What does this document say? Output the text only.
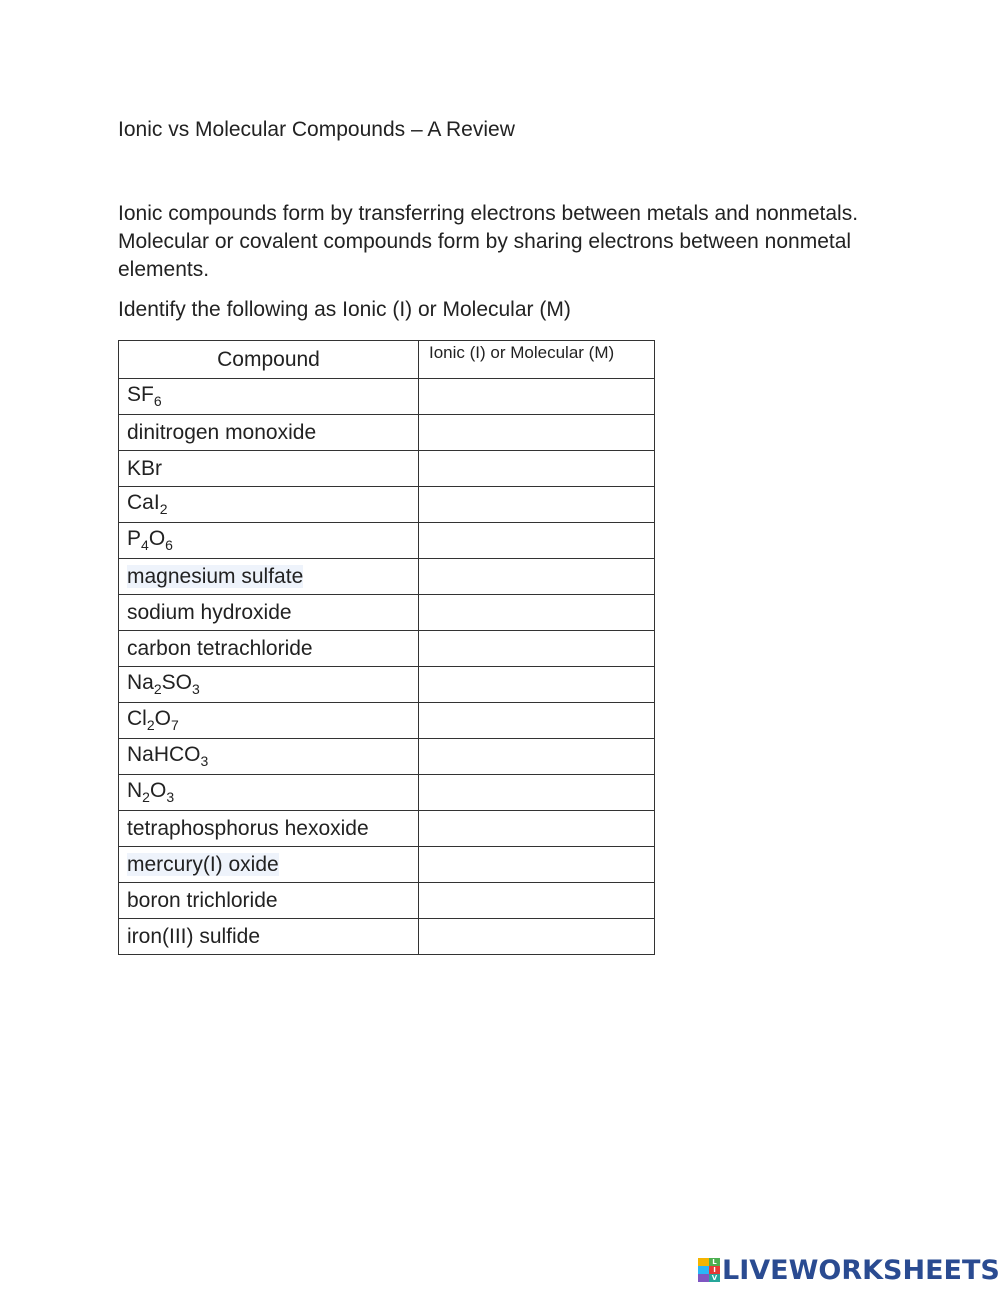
Ionic vs Molecular Compounds – A Review

Ionic compounds form by transferring electrons between metals and nonmetals. Molecular or covalent compounds form by sharing electrons between nonmetal elements.

Identify the following as Ionic (I) or Molecular (M)

Compound	Ionic (I) or Molecular (M)
$SF_6$	
dinitrogen monoxide	
KBr	
CaI$_2$	
$P_4O_6$	
magnesium sulfate	
sodium hydroxide	
carbon tetrachloride	
$Na_2SO_3$	
$Cl_2O_7$	
NaHCO$_3$	
$N_2O_3$	
tetraphosphorus hexoxide	
mercury(I) oxide	
boron trichloride	
iron(III) sulfide	
L
I
V LIVEWORKSHEETS
